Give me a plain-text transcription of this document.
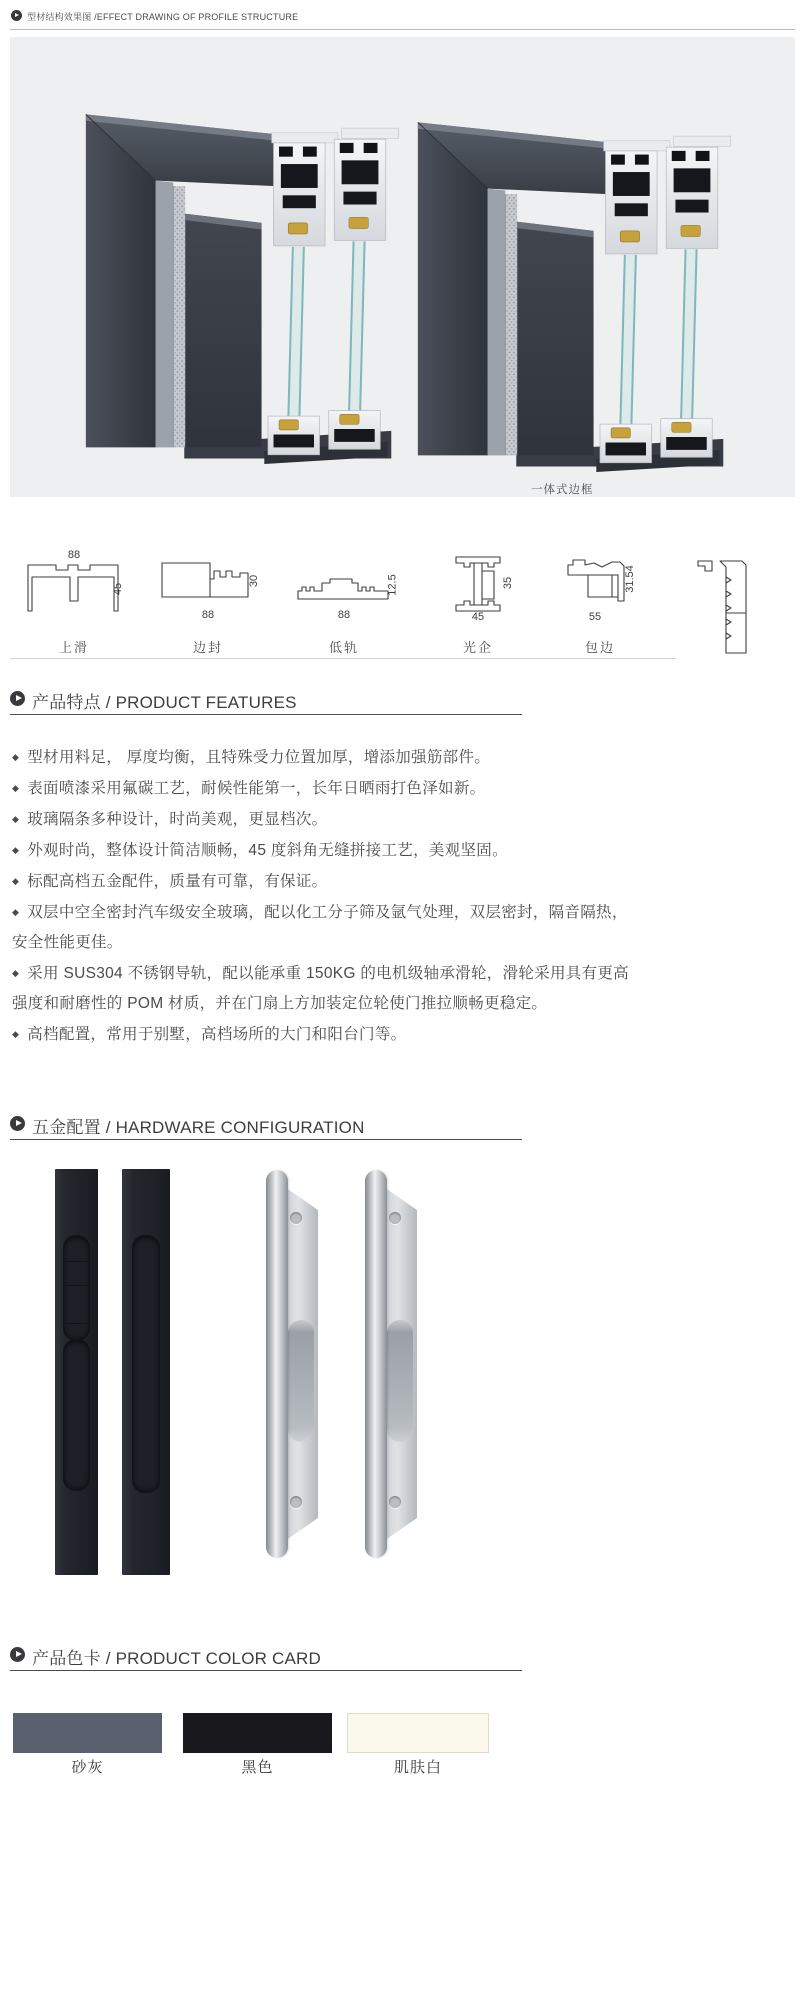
型材结构效果图 /EFFECT DRAWING OF PROFILE STRUCTURE
一体式边框
88
45
上滑
88
30
边封
88
12.5
低轨
45
35
光企
55
31.54
包边
产品特点 / PRODUCT FEATURES

◆ 型材用料足， 厚度均衡，且特殊受力位置加厚，增添加强筋部件。

◆ 表面喷漆采用氟碳工艺，耐候性能第一，长年日晒雨打色泽如新。

◆ 玻璃隔条多种设计，时尚美观，更显档次。

◆ 外观时尚，整体设计简洁顺畅，45 度斜角无缝拼接工艺，美观坚固。

◆ 标配高档五金配件，质量有可靠，有保证。

◆ 双层中空全密封汽车级安全玻璃，配以化工分子筛及氩气处理，双层密封，隔音隔热，

安全性能更佳。

◆ 采用 SUS304 不锈钢导轨，配以能承重 150KG 的电机级轴承滑轮，滑轮采用具有更高

强度和耐磨性的 POM 材质，并在门扇上方加装定位轮使门推拉顺畅更稳定。

◆ 高档配置，常用于别墅，高档场所的大门和阳台门等。

五金配置 / HARDWARE CONFIGURATION
产品色卡 / PRODUCT COLOR CARD
砂灰	黑色	肌肤白
